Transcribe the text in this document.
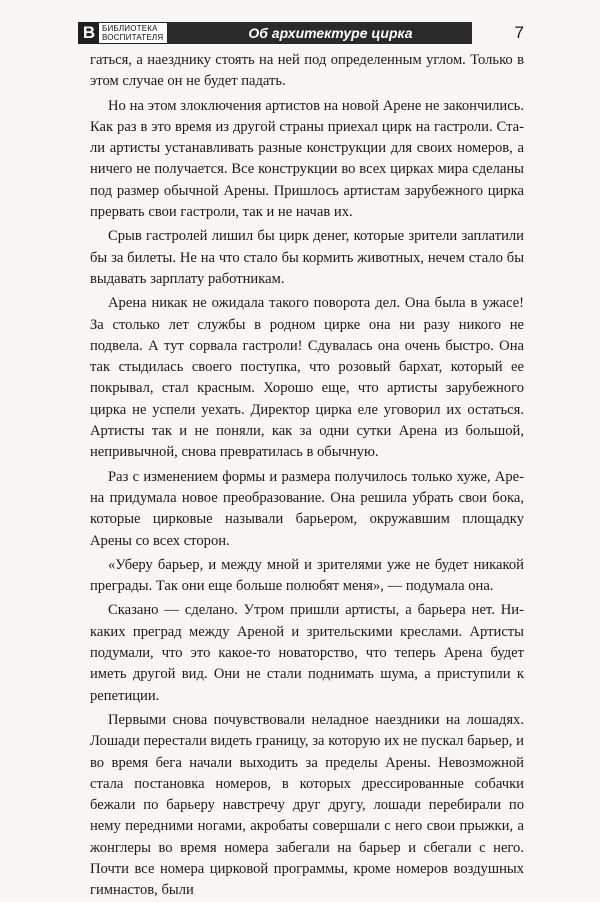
В БИБЛИОТЕКА
ВОСПИТАТЕЛЯ	Об архитектуре цирка	7

гаться, а наезднику стоять на ней под определенным углом. Только в этом случае он не будет падать.

Но на этом злоключения артистов на новой Арене не закончились. Как раз в это время из другой страны приехал цирк на гастроли. Стали артисты устанавливать разные конструкции для своих номеров, а ничего не получается. Все конструкции во всех цирках мира сделаны под размер обычной Арены. Пришлось артистам зарубежного цирка прервать свои гастроли, так и не начав их.

Срыв гастролей лишил бы цирк денег, которые зрители заплатили бы за билеты. Не на что стало бы кормить животных, нечем стало бы выдавать зарплату работникам.

Арена никак не ожидала такого поворота дел. Она была в ужасе! За столько лет службы в родном цирке она ни разу никого не подвела. А тут сорвала гастроли! Сдувалась она очень быстро. Она так стыдилась своего поступка, что розовый бархат, который ее покрывал, стал красным. Хорошо еще, что артисты зарубежного цирка не успели уехать. Директор цирка еле уговорил их остаться. Артисты так и не поняли, как за одни сутки Арена из большой, непривычной, снова превратилась в обычную.

Раз с изменением формы и размера получилось только хуже, Арена придумала новое преобразование. Она решила убрать свои бока, которые цирковые называли барьером, окружавшим площадку Арены со всех сторон.

«Уберу барьер, и между мной и зрителями уже не будет никакой преграды. Так они еще больше полюбят меня», — подумала она.

Сказано — сделано. Утром пришли артисты, а барьера нет. Никаких преград между Ареной и зрительскими креслами. Артисты подумали, что это какое-то новаторство, что теперь Арена будет иметь другой вид. Они не стали поднимать шума, а приступили к репетиции.

Первыми снова почувствовали неладное наездники на лошадях. Лошади перестали видеть границу, за которую их не пускал барьер, и во время бега начали выходить за пределы Арены. Невозможной стала постановка номеров, в которых дрессированные собачки бежали по барьеру навстречу друг другу, лошади перебирали по нему передними ногами, акробаты совершали с него свои прыжки, а жонглеры во время номера забегали на барьер и сбегали с него. Почти все номера цирковой программы, кроме номеров воздушных гимнастов, были
